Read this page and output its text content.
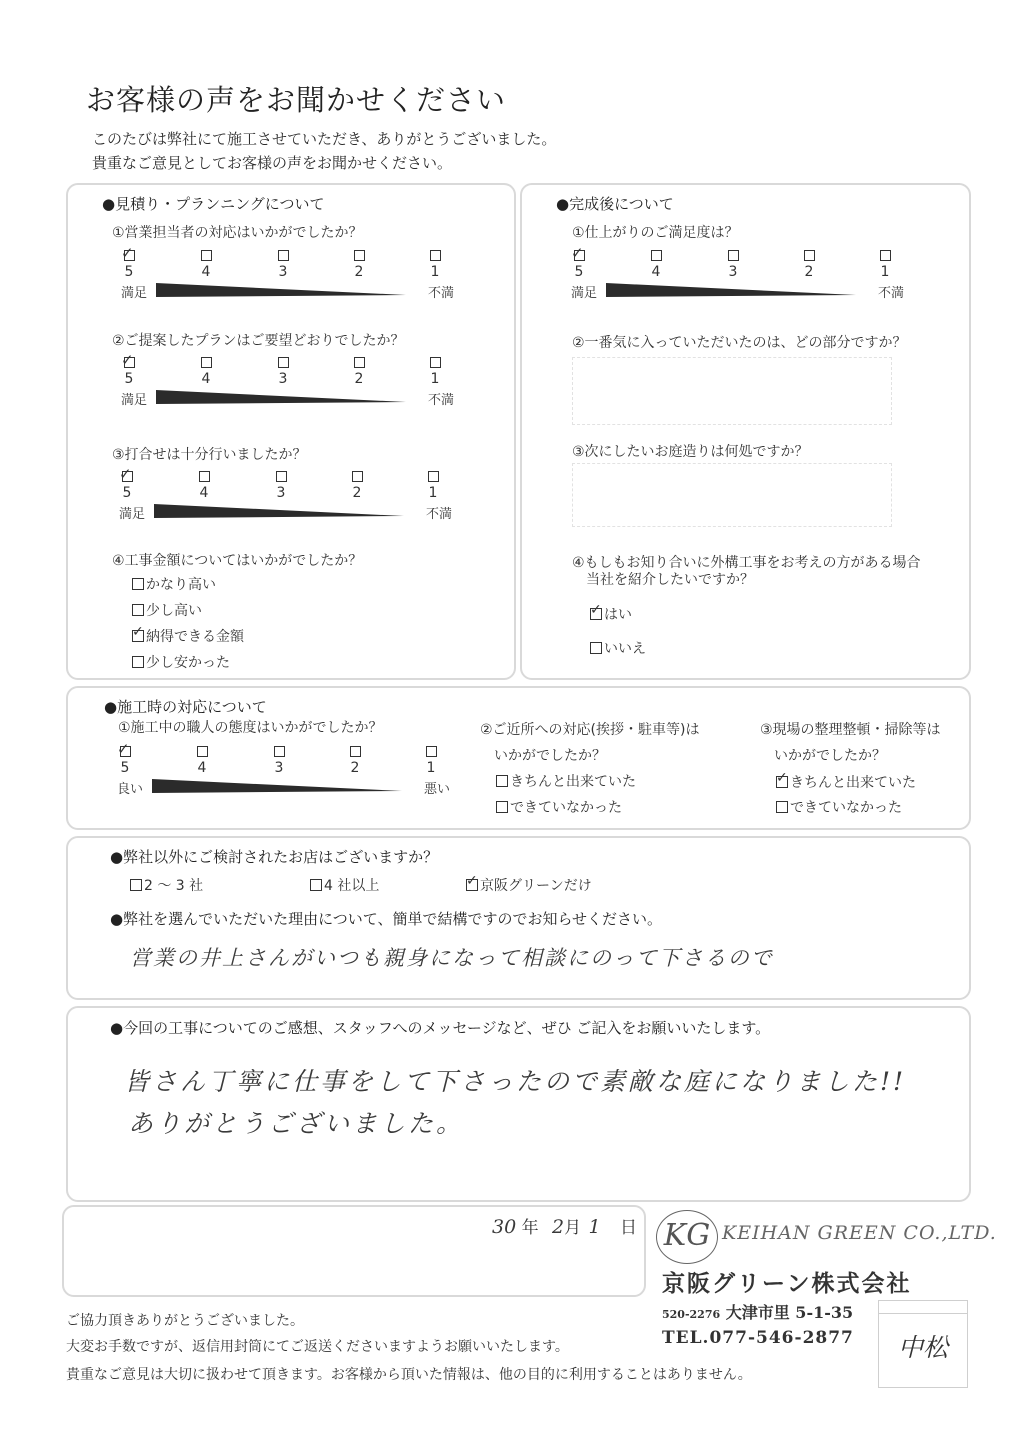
お客様の声をお聞かせください
このたびは弊社にて施工させていただき、ありがとうございました。
貴重なご意見としてお客様の声をお聞かせください。
●見積り・プランニングについて
①営業担当者の対応はいかがでしたか？
✓
5	4	3	2	1
満足	不満
②ご提案したプランはご要望どおりでしたか？
✓
5	4	3	2	1
満足	不満
③打合せは十分行いましたか？
✓
5	4	3	2	1
満足	不満
④工事金額についてはいかがでしたか？
かなり高い
少し高い
✓納得できる金額
少し安かった
●完成後について
①仕上がりのご満足度は？
✓
5	4	3	2	1
満足	不満
②一番気に入っていただいたのは、どの部分ですか？
③次にしたいお庭造りは何処ですか？
④もしもお知り合いに外構工事をお考えの方がある場合
当社を紹介したいですか？
✓はい
いいえ
●施工時の対応について
①施工中の職人の態度はいかがでしたか？
✓
5	4	3	2	1
良い	悪い
②ご近所への対応(挨拶・駐車等)は
いかがでしたか？
きちんと出来ていた
できていなかった
③現場の整理整頓・掃除等は
いかがでしたか？
✓きちんと出来ていた
できていなかった
●弊社以外にご検討されたお店はございますか？
2 ～ 3 社	4 社以上
✓	京阪グリーンだけ
●弊社を選んでいただいた理由について、簡単で結構ですのでお知らせください。
営業の井上さんがいつも親身になって相談にのって下さるので
●今回の工事についてのご感想、スタッフへのメッセージなど、ぜひ ご記入をお願いいたします。
皆さん丁寧に仕事をして下さったので素敵な庭になりました!!
ありがとうございました。
30 年 2月 1 日 KG KEIHAN GREEN CO.,LTD.
京阪グリーン株式会社
520-2276 大津市里 5-1-35
TEL.077-546-2877	中松
ご協力頂きありがとうございました。
大変お手数ですが、返信用封筒にてご返送くださいますようお願いいたします。
貴重なご意見は大切に扱わせて頂きます。お客様から頂いた情報は、他の目的に利用することはありません。
